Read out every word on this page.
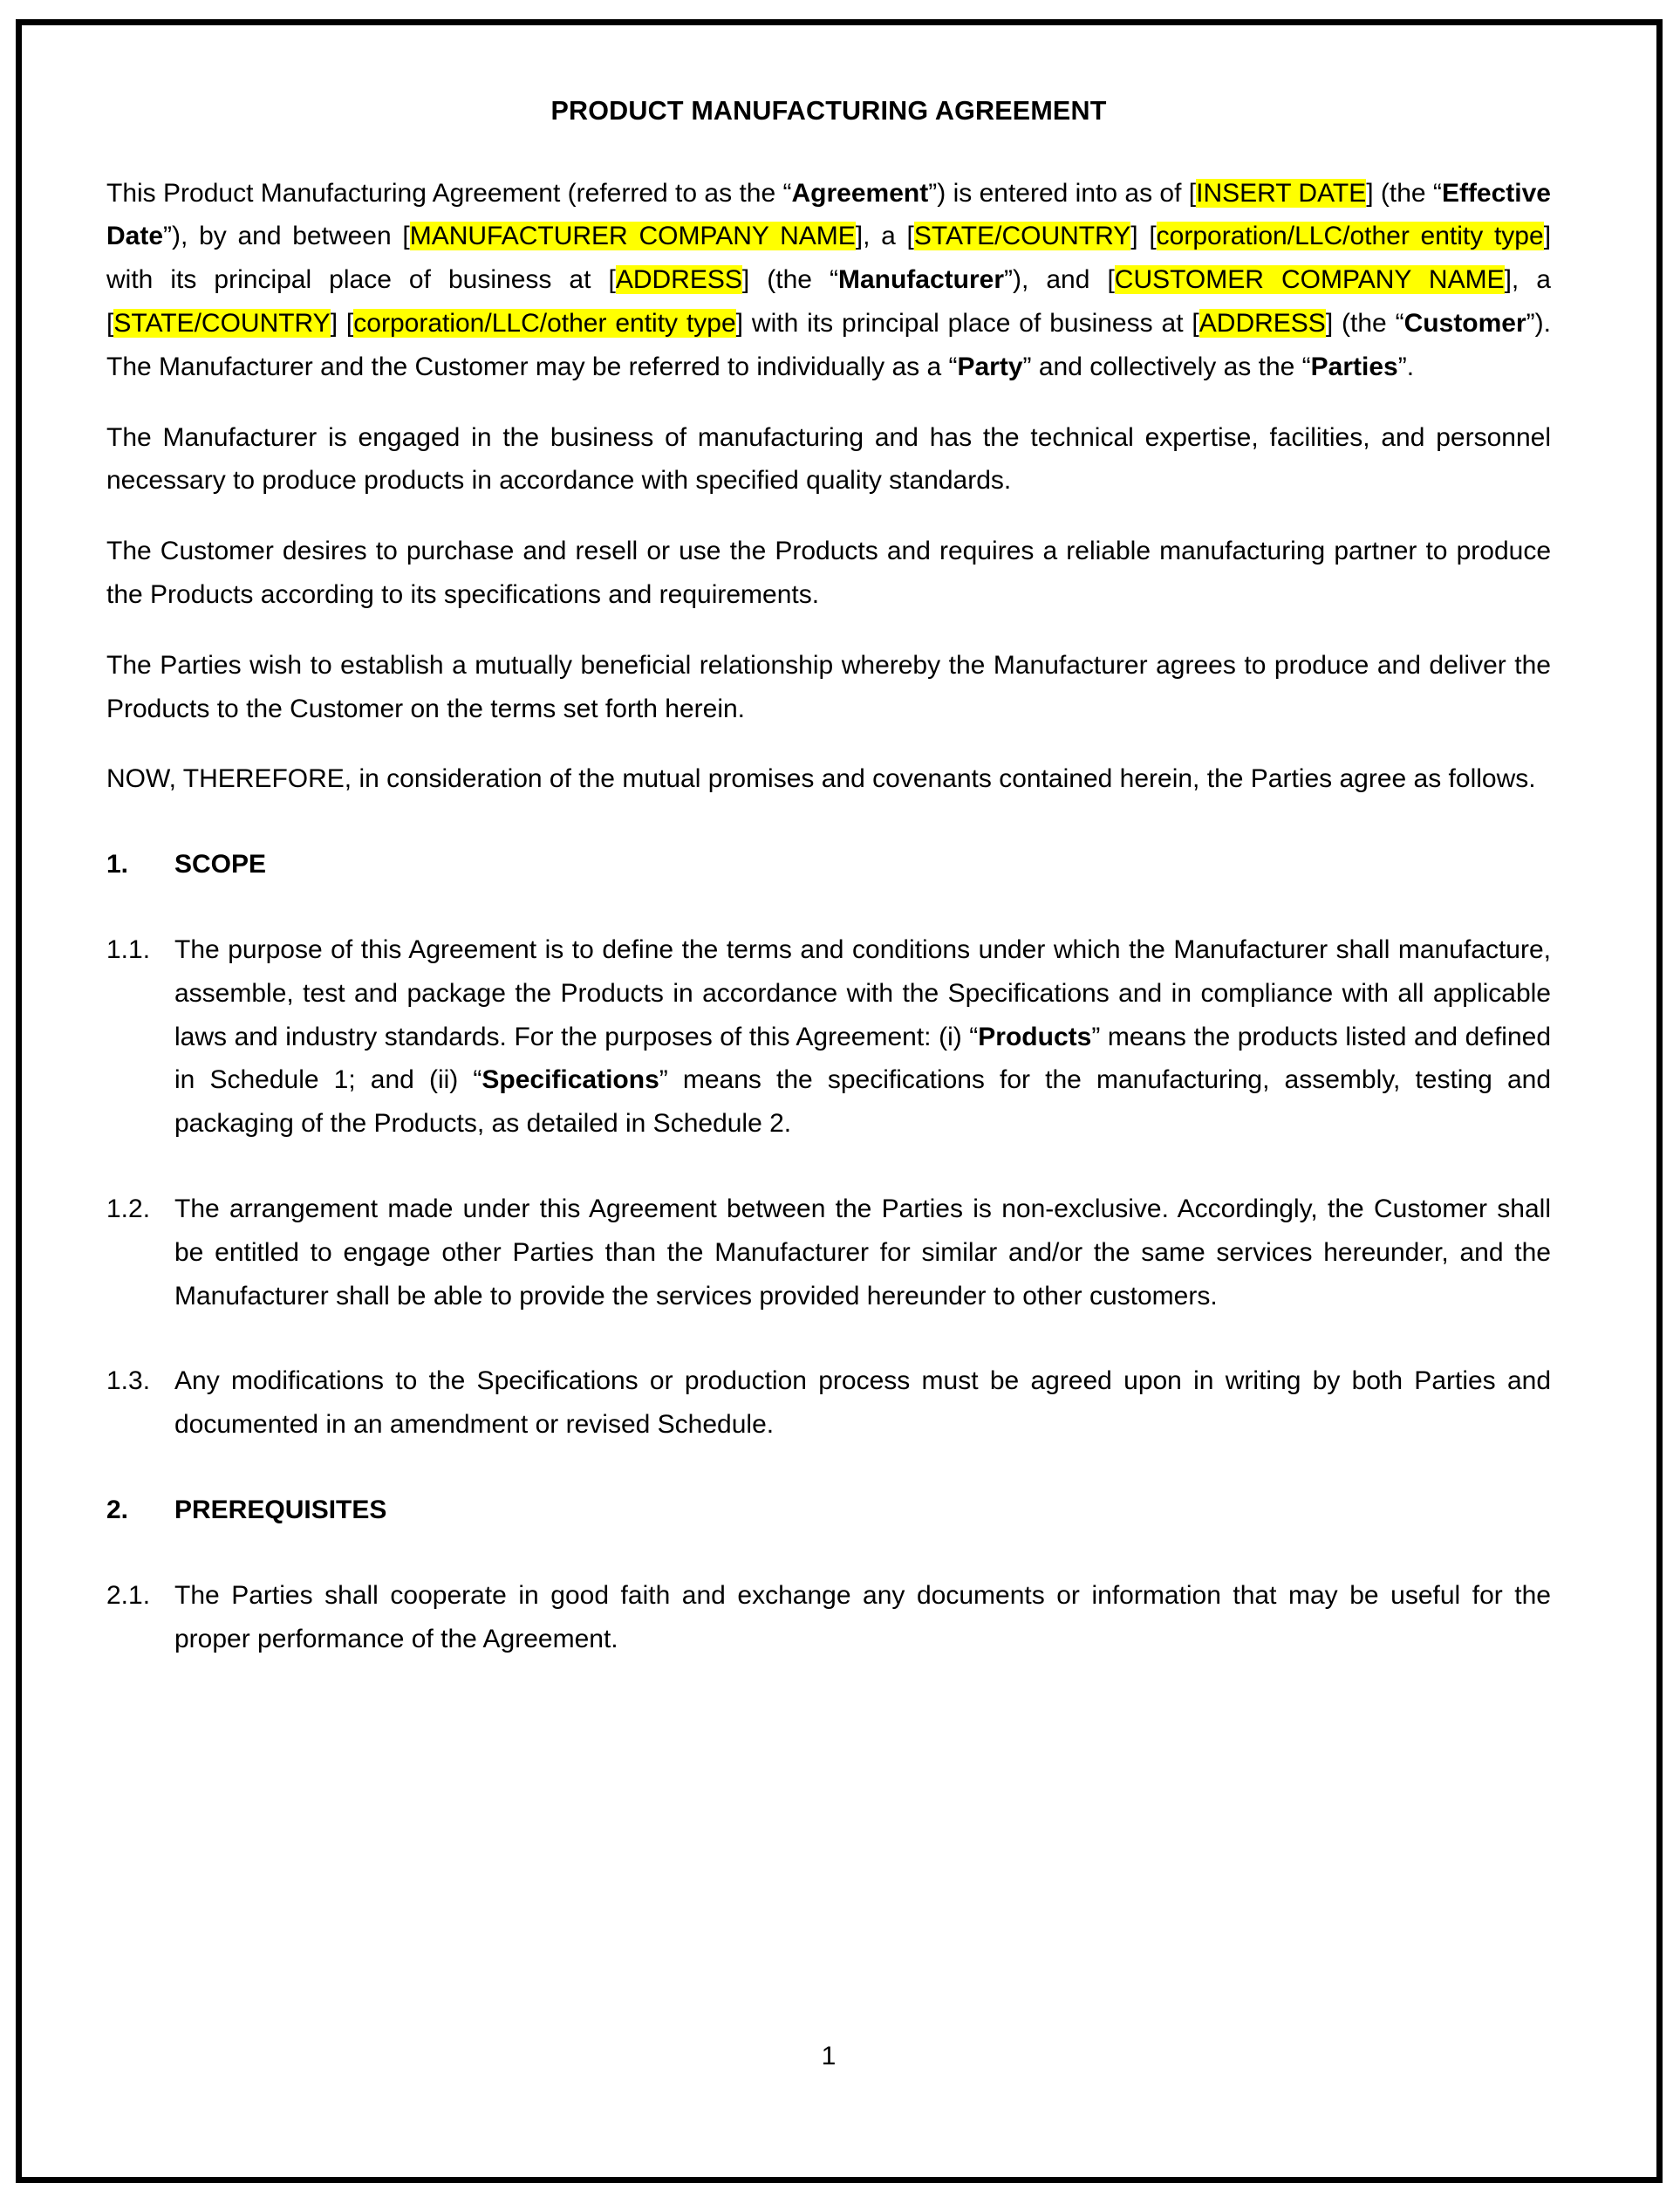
PRODUCT MANUFACTURING AGREEMENT

This Product Manufacturing Agreement (referred to as the “Agreement”) is entered into as of [INSERT DATE] (the “Effective Date”), by and between [MANUFACTURER COMPANY NAME], a [STATE/COUNTRY] [corporation/LLC/other entity type] with its principal place of business at [ADDRESS] (the “Manufacturer”), and [CUSTOMER COMPANY NAME], a [STATE/COUNTRY] [corporation/LLC/other entity type] with its principal place of business at [ADDRESS] (the “Customer”). The Manufacturer and the Customer may be referred to individually as a “Party” and collectively as the “Parties”.

The Manufacturer is engaged in the business of manufacturing and has the technical expertise, facilities, and personnel necessary to produce products in accordance with specified quality standards.

The Customer desires to purchase and resell or use the Products and requires a reliable manufacturing partner to produce the Products according to its specifications and requirements.

The Parties wish to establish a mutually beneficial relationship whereby the Manufacturer agrees to produce and deliver the Products to the Customer on the terms set forth herein.

NOW, THEREFORE, in consideration of the mutual promises and covenants contained herein, the Parties agree as follows.

1.	SCOPE
1.1. The purpose of this Agreement is to define the terms and conditions under which the Manufacturer shall manufacture, assemble, test and package the Products in accordance with the Specifications and in compliance with all applicable laws and industry standards. For the purposes of this Agreement: (i) “Products” means the products listed and defined in Schedule 1; and (ii) “Specifications” means the specifications for the manufacturing, assembly, testing and packaging of the Products, as detailed in Schedule 2.
1.2. The arrangement made under this Agreement between the Parties is non-exclusive. Accordingly, the Customer shall be entitled to engage other Parties than the Manufacturer for similar and/or the same services hereunder, and the Manufacturer shall be able to provide the services provided hereunder to other customers.
1.3. Any modifications to the Specifications or production process must be agreed upon in writing by both Parties and documented in an amendment or revised Schedule.
2.	PREREQUISITES
2.1. The Parties shall cooperate in good faith and exchange any documents or information that may be useful for the proper performance of the Agreement.
1
